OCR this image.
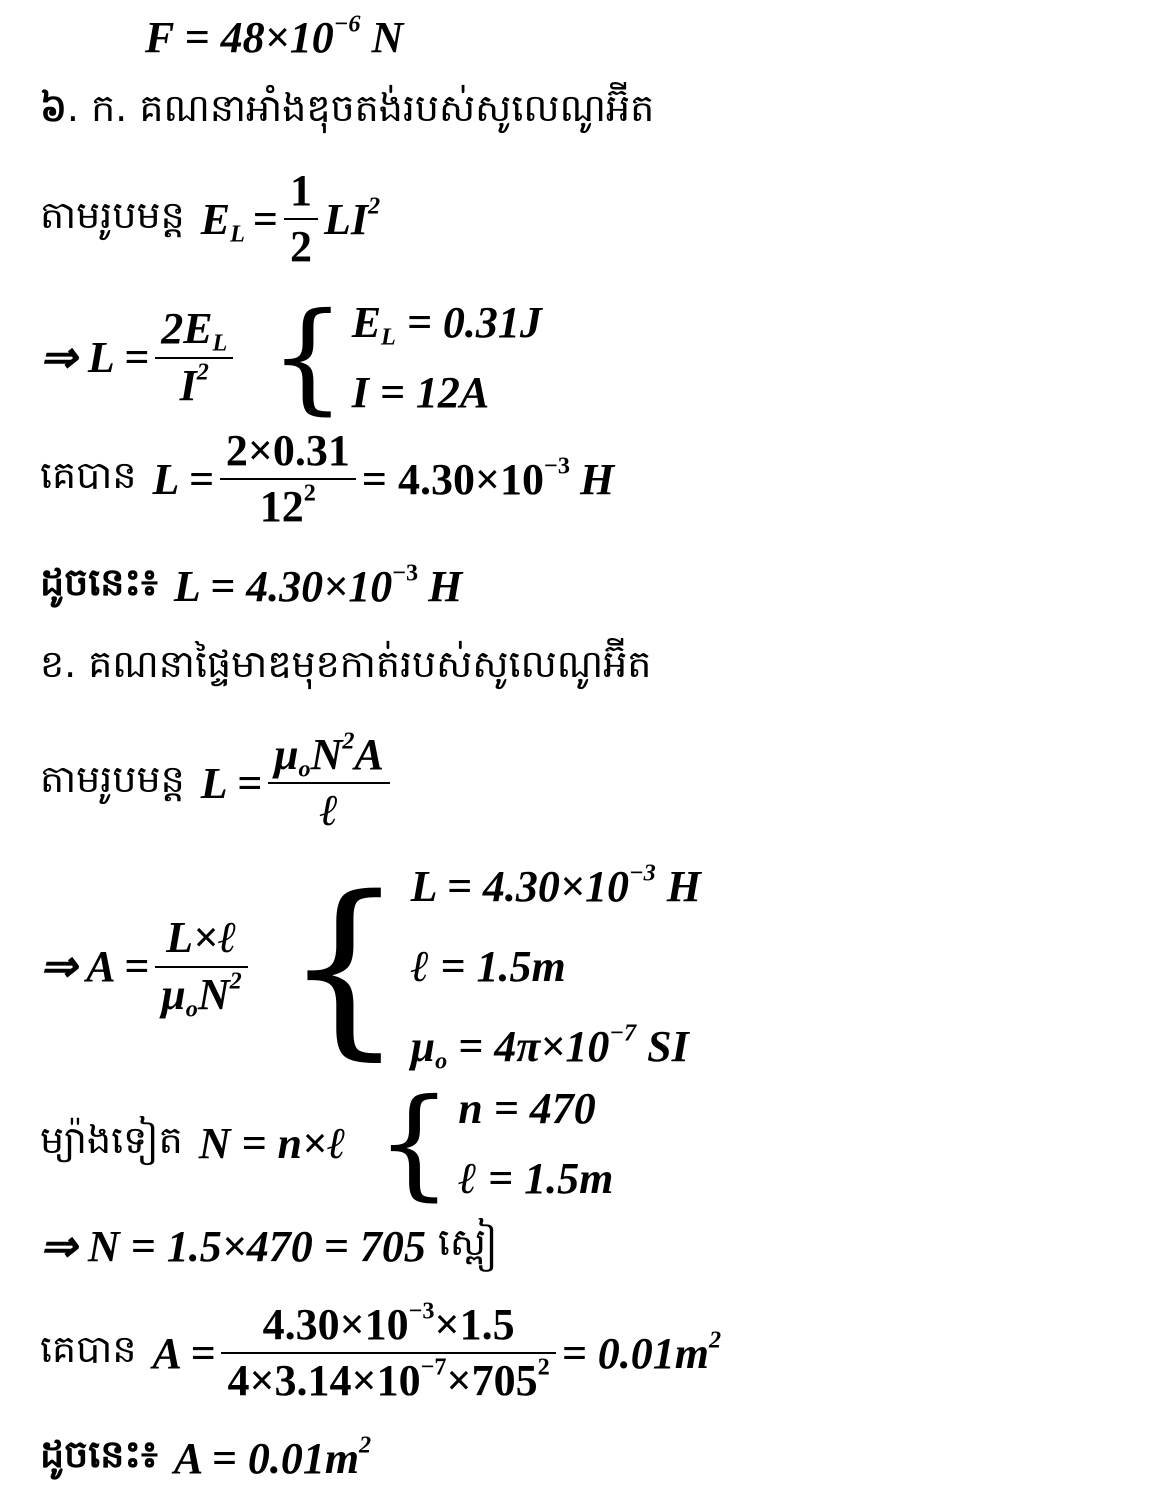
$F = 48\times 10^{-6}$ N
៦ . ក. គណនាអាំងឌុចតង់របស់សូលេណូអ៊ីត
តាមរូបមន្ត $E_L = \frac{1}{2} LI^2$
⇒ $L = \frac{2E_L}{I^2}$ { $E_L = 0.31J$
I = 12A
គេបាន $L = \frac{2\times 0.31}{12^2} = 4.30\times 10^{-3}$ H
ដូចនេះ ៖ $L = 4.30\times 10^{-3}$ H
ខ. គណនាផ្ទៃមាឌមុខកាត់របស់សូលេណូអ៊ីត
តាមរូបមន្ត $L = \frac{\mu_oN^2A}{\text{ℓ}}$
⇒ $A = \frac{\text{L×ℓ}}{\mu_oN^2}$ { $L = 4.30\times 10^{-3}$ H
ℓ = 1.5m
$\mu_o = 4\pi\times 10^{-7}$ SI
ម្យ៉ាងទៀត N = n×ℓ { n = 470
ℓ = 1.5m
⇒ N = 1.5×470 = 705 ស្ពៀ
គេបាន $A = \frac{4.30\times 10^{-3}\times 1.5}{4\times 3.14\times 10^{-7}\times 705^2} = 0.01m^2$
ដូចនេះ ៖ $A = 0.01m^2$
